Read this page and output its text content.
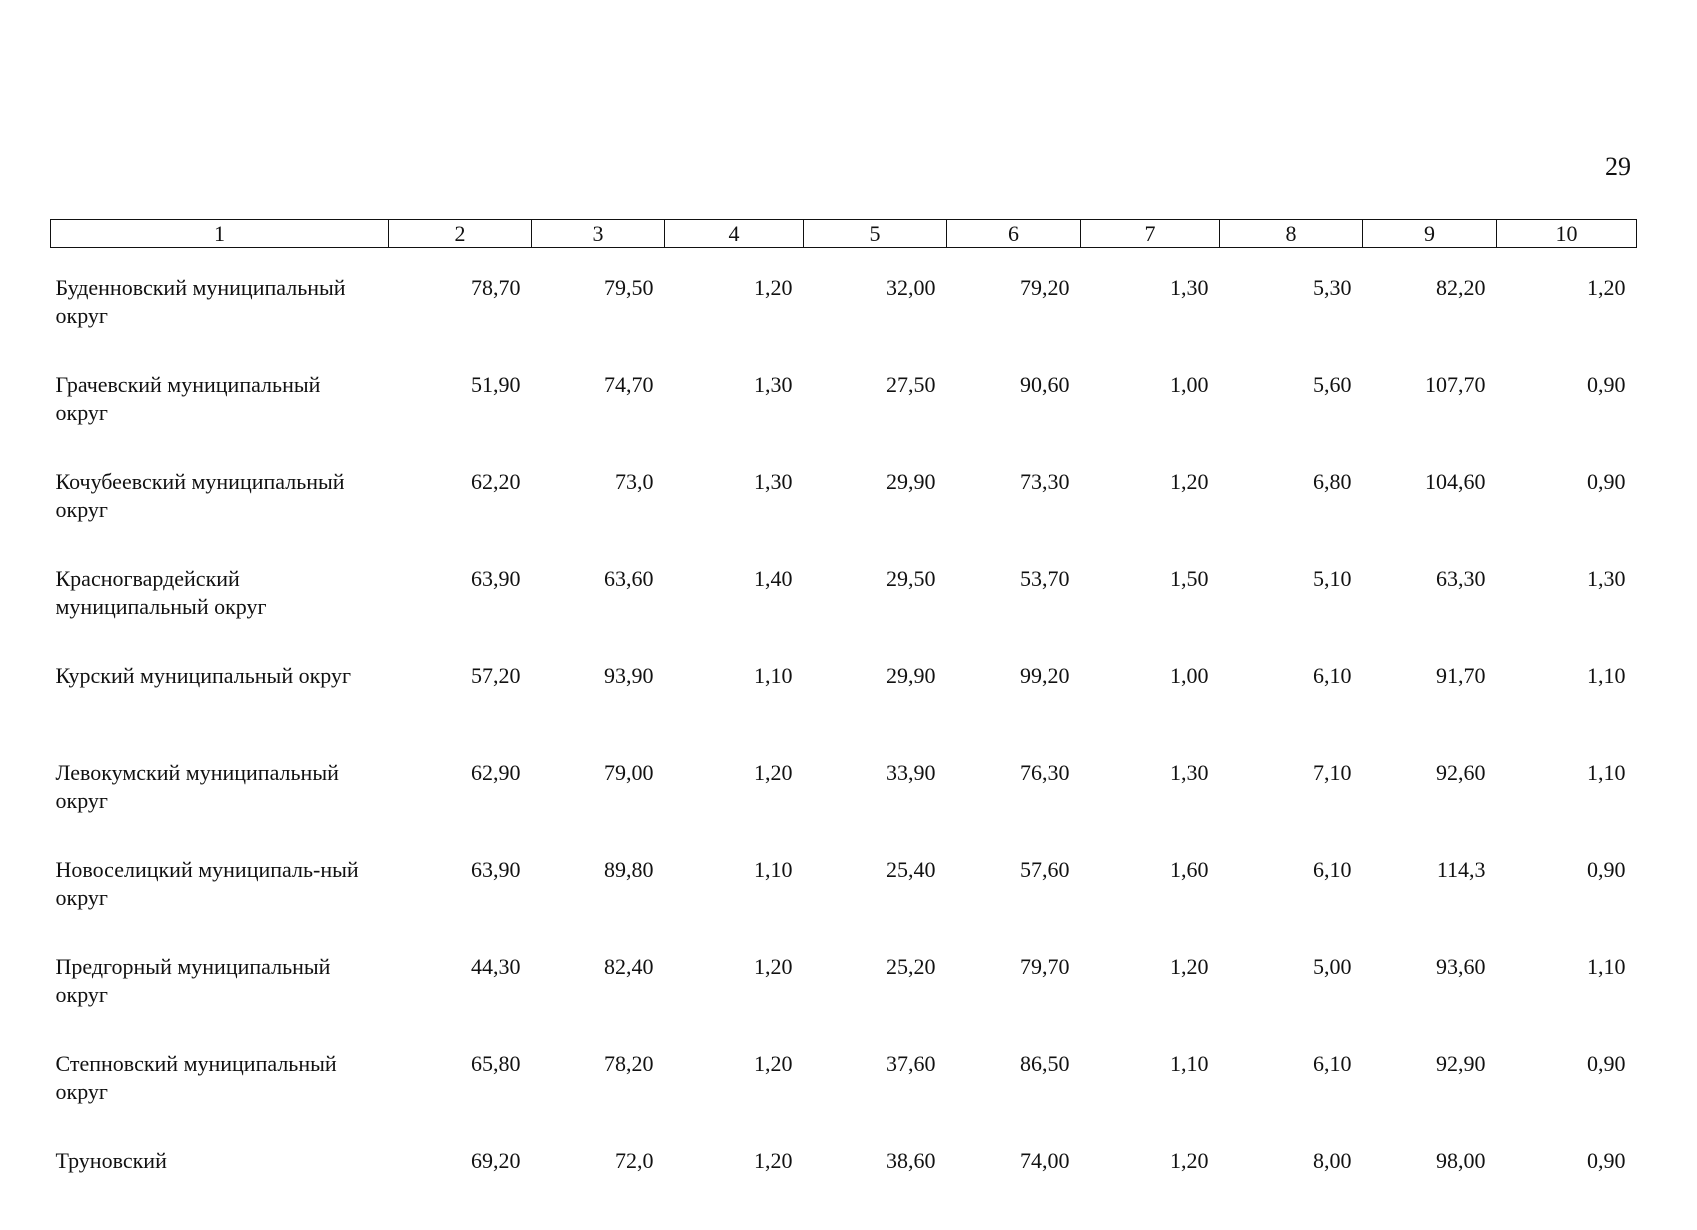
29
1	2	3	4	5	6	7	8	9	10

Буденновский муниципальный округ	78,70	79,50	1,20	32,00	79,20	1,30	5,30	82,20	1,20
Грачевский муниципальный округ	51,90	74,70	1,30	27,50	90,60	1,00	5,60	107,70	0,90
Кочубеевский муниципальный округ	62,20	73,0	1,30	29,90	73,30	1,20	6,80	104,60	0,90
Красногвардейский муниципальный округ	63,90	63,60	1,40	29,50	53,70	1,50	5,10	63,30	1,30
Курский муниципальный округ	57,20	93,90	1,10	29,90	99,20	1,00	6,10	91,70	1,10
Левокумский муниципальный округ	62,90	79,00	1,20	33,90	76,30	1,30	7,10	92,60	1,10
Новоселицкий муниципаль-ный округ	63,90	89,80	1,10	25,40	57,60	1,60	6,10	114,3	0,90
Предгорный муниципальный округ	44,30	82,40	1,20	25,20	79,70	1,20	5,00	93,60	1,10
Степновский муниципальный округ	65,80	78,20	1,20	37,60	86,50	1,10	6,10	92,90	0,90
Труновский	69,20	72,0	1,20	38,60	74,00	1,20	8,00	98,00	0,90
